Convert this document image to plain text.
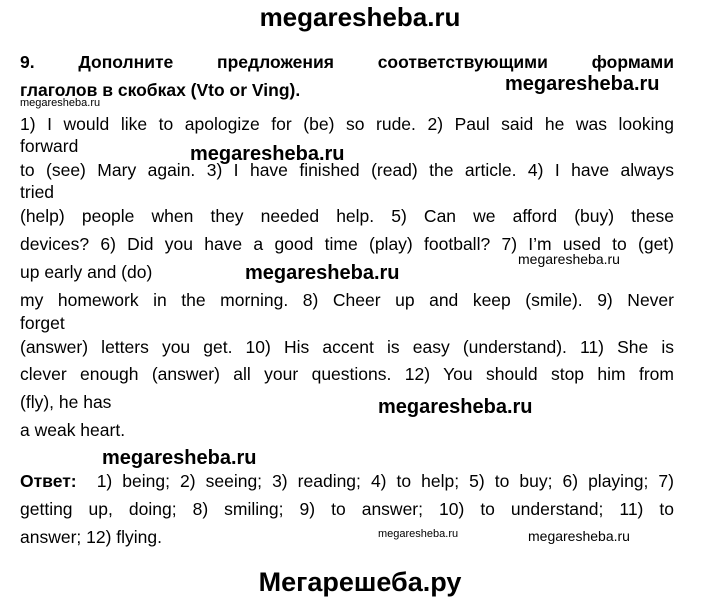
megaresheba.ru
9. Дополните предложения соответствующими формами
глаголов в скобках (Vto or Ving).	megaresheba.ru
megaresheba.ru
1) I would like to apologize for (be) so rude. 2) Paul said he was looking
forward	megaresheba.ru
to (see) Mary again. 3) I have finished (read) the article. 4) I have always
tried
(help) people when they needed help. 5) Can we afford (buy) these
devices? 6) Did you have a good time (play) football? 7) I’m used to (get)
megaresheba.ru
up early and (do)	megaresheba.ru
my homework in the morning. 8) Cheer up and keep (smile). 9) Never
forget
(answer) letters you get. 10) His accent is easy (understand). 11) She is
clever enough (answer) all your questions. 12) You should stop him from
(fly), he has	megaresheba.ru
a weak heart.
megaresheba.ru
Ответ: 1) being; 2) seeing; 3) reading; 4) to help; 5) to buy; 6) playing; 7)
getting up, doing; 8) smiling; 9) to answer; 10) to understand; 11) to
answer; 12) flying.	megaresheba.ru	megaresheba.ru
Мегарешеба.ру
